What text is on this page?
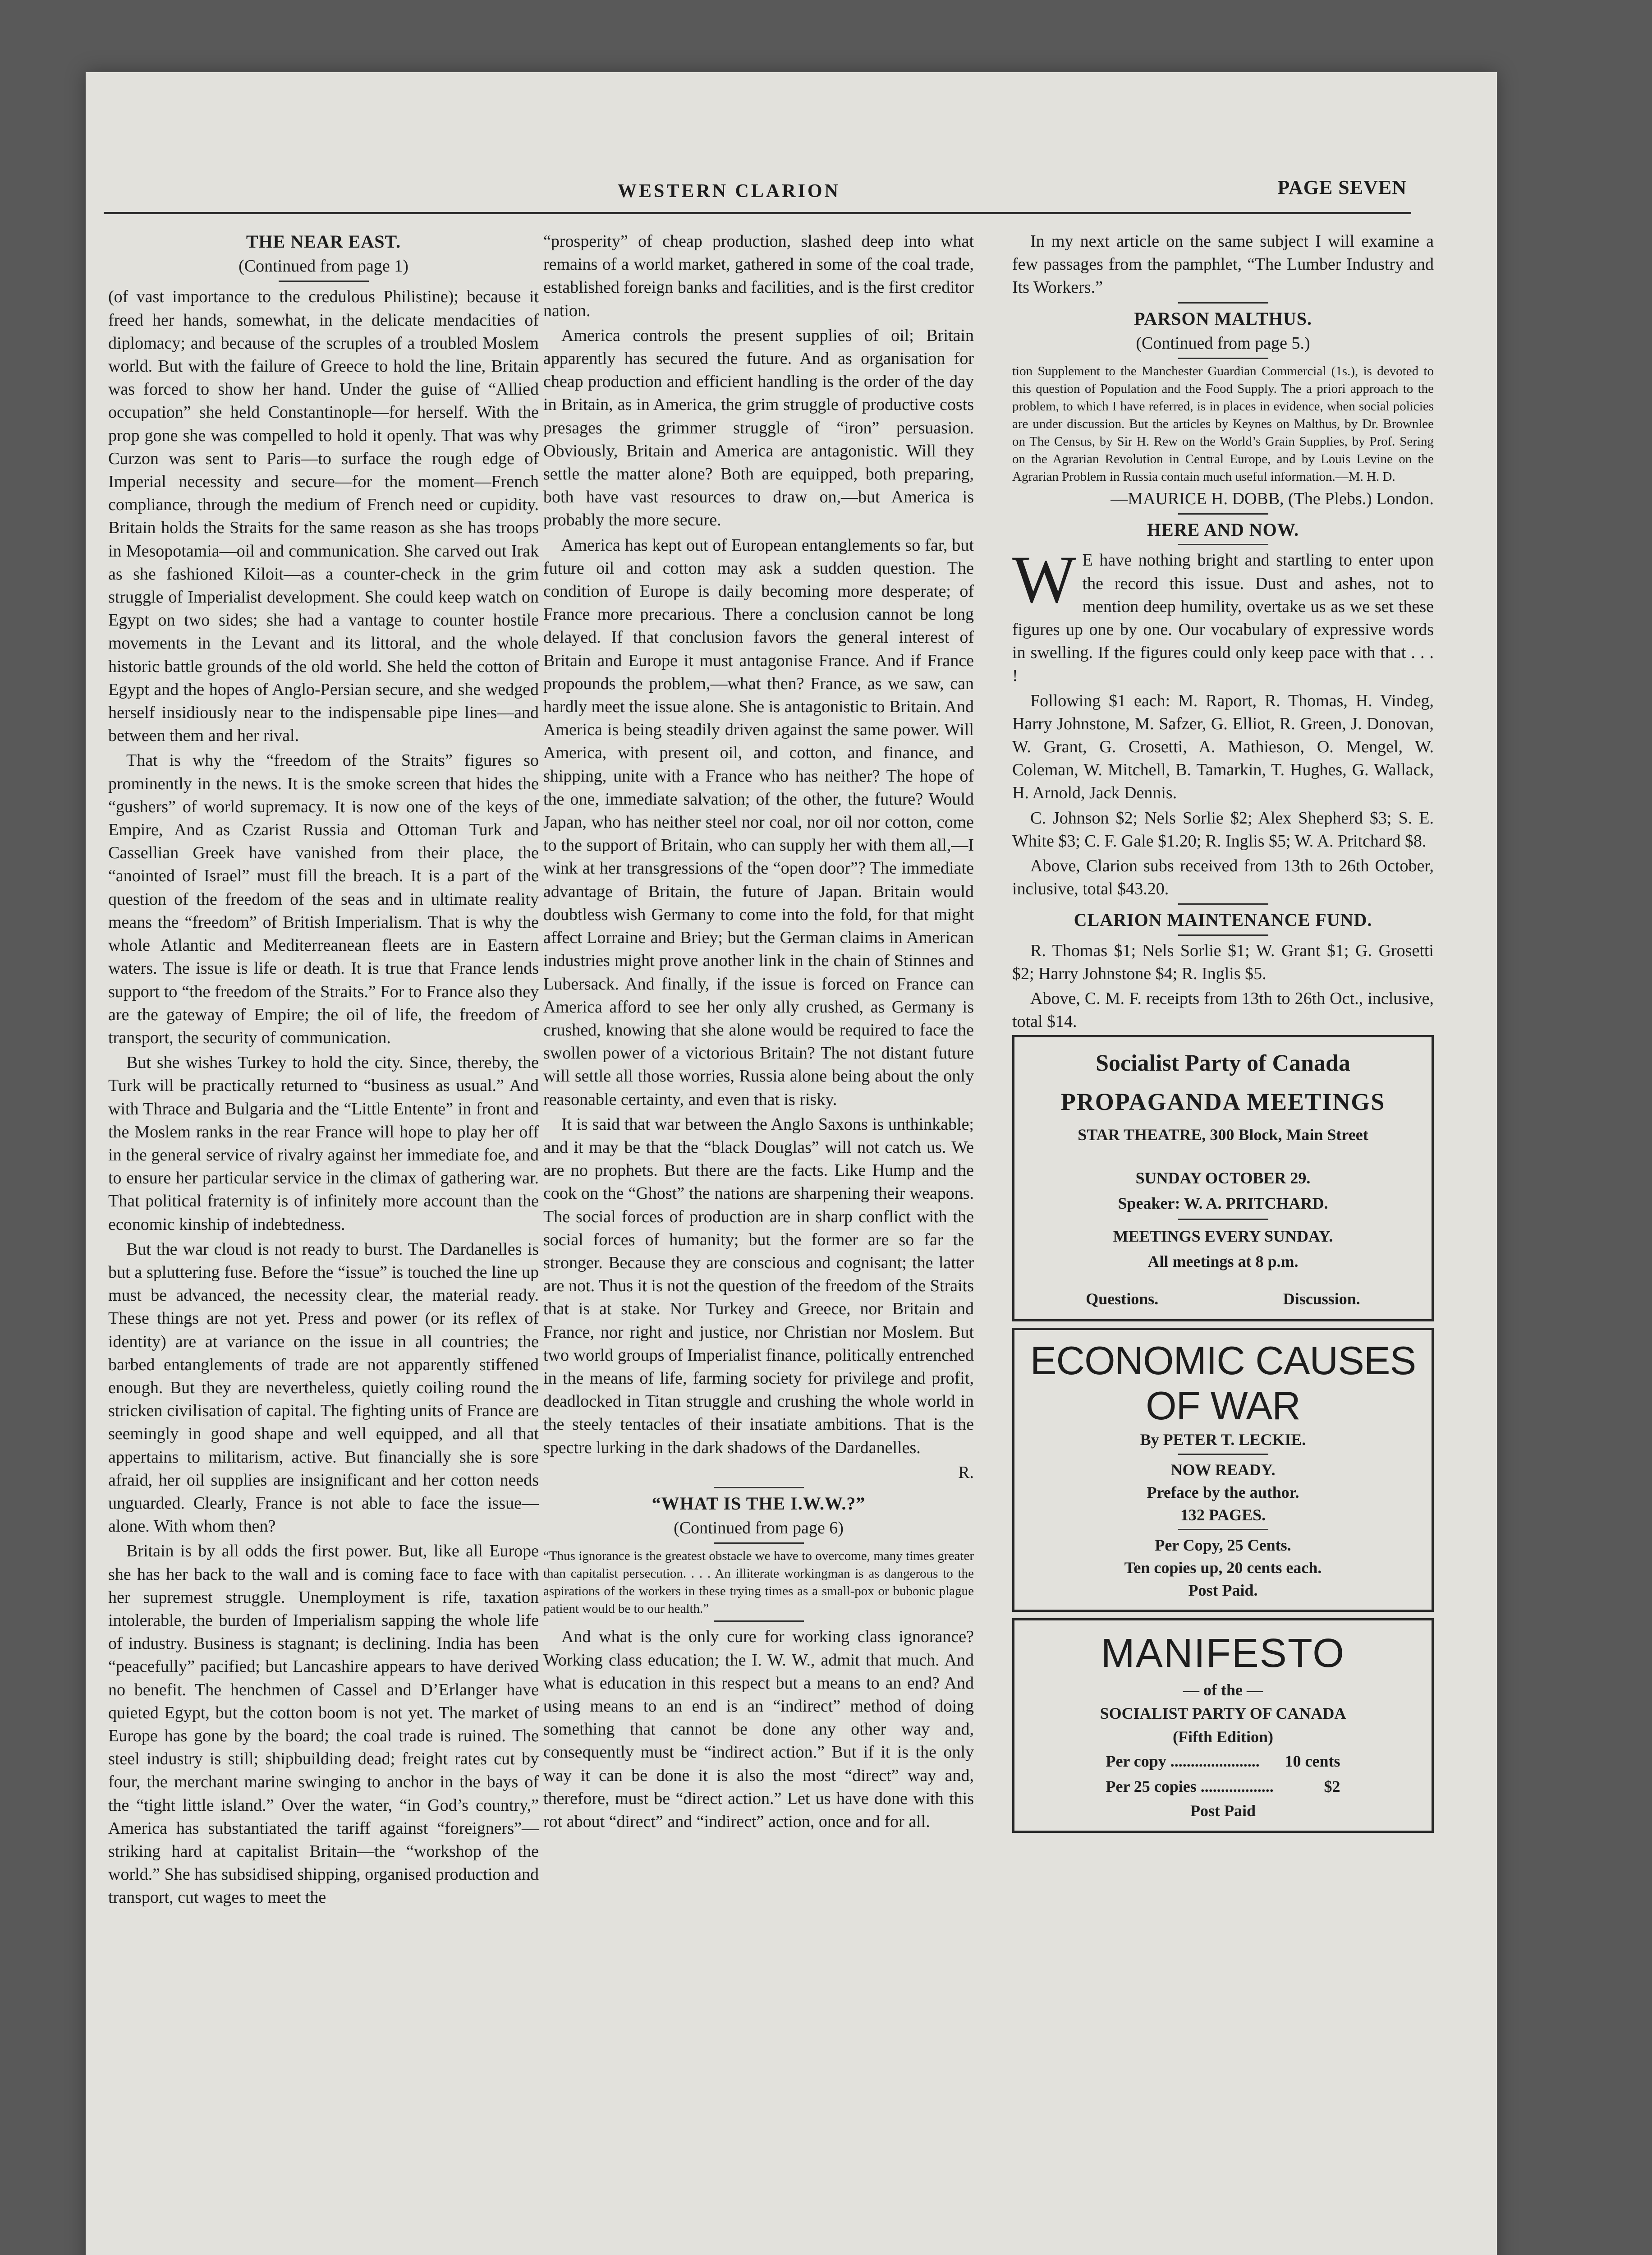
WESTERN CLARION	PAGE SEVEN

THE NEAR EAST.

(Continued from page 1)

(of vast importance to the credulous Philistine); because it freed her hands, somewhat, in the delicate mendacities of diplomacy; and because of the scruples of a troubled Moslem world. But with the failure of Greece to hold the line, Britain was forced to show her hand. Under the guise of “Allied occupation” she held Constantinople—for herself. With the prop gone she was compelled to hold it openly. That was why Curzon was sent to Paris—to surface the rough edge of Imperial necessity and secure—for the moment—French compliance, through the medium of French need or cupidity. Britain holds the Straits for the same reason as she has troops in Mesopotamia—oil and communication. She carved out Irak as she fashioned Kiloit—as a counter-check in the grim struggle of Imperialist development. She could keep watch on Egypt on two sides; she had a vantage to counter hostile movements in the Levant and its littoral, and the whole historic battle grounds of the old world. She held the cotton of Egypt and the hopes of Anglo-Persian secure, and she wedged herself insidiously near to the indispensable pipe lines—and between them and her rival.

That is why the “freedom of the Straits” figures so prominently in the news. It is the smoke screen that hides the “gushers” of world supremacy. It is now one of the keys of Empire, And as Czarist Russia and Ottoman Turk and Cassellian Greek have vanished from their place, the “anointed of Israel” must fill the breach. It is a part of the question of the freedom of the seas and in ultimate reality means the “freedom” of British Imperialism. That is why the whole Atlantic and Mediterreanean fleets are in Eastern waters. The issue is life or death. It is true that France lends support to “the freedom of the Straits.” For to France also they are the gateway of Empire; the oil of life, the freedom of transport, the security of communication.

But she wishes Turkey to hold the city. Since, thereby, the Turk will be practically returned to “business as usual.” And with Thrace and Bulgaria and the “Little Entente” in front and the Moslem ranks in the rear France will hope to play her off in the general service of rivalry against her immediate foe, and to ensure her particular service in the climax of gathering war. That political fraternity is of infinitely more account than the economic kinship of indebtedness.

But the war cloud is not ready to burst. The Dardanelles is but a spluttering fuse. Before the “issue” is touched the line up must be advanced, the necessity clear, the material ready. These things are not yet. Press and power (or its reflex of identity) are at variance on the issue in all countries; the barbed entanglements of trade are not apparently stiffened enough. But they are nevertheless, quietly coiling round the stricken civilisation of capital. The fighting units of France are seemingly in good shape and well equipped, and all that appertains to militarism, active. But financially she is sore afraid, her oil supplies are insignificant and her cotton needs unguarded. Clearly, France is not able to face the issue—alone. With whom then?

Britain is by all odds the first power. But, like all Europe she has her back to the wall and is coming face to face with her supremest struggle. Unemployment is rife, taxation intolerable, the burden of Imperialism sapping the whole life of industry. Business is stagnant; is declining. India has been “peacefully” pacified; but Lancashire appears to have derived no benefit. The henchmen of Cassel and D’Erlanger have quieted Egypt, but the cotton boom is not yet. The market of Europe has gone by the board; the coal trade is ruined. The steel industry is still; shipbuilding dead; freight rates cut by four, the merchant marine swinging to anchor in the bays of the “tight little island.” Over the water, “in God’s country,” America has substantiated the tariff against “foreigners”—striking hard at capitalist Britain—the “workshop of the world.” She has subsidised shipping, organised production and transport, cut wages to meet the

“prosperity” of cheap production, slashed deep into what remains of a world market, gathered in some of the coal trade, established foreign banks and facilities, and is the first creditor nation.

America controls the present supplies of oil; Britain apparently has secured the future. And as organisation for cheap production and efficient handling is the order of the day in Britain, as in America, the grim struggle of productive costs presages the grimmer struggle of “iron” persuasion. Obviously, Britain and America are antagonistic. Will they settle the matter alone? Both are equipped, both preparing, both have vast resources to draw on,—but America is probably the more secure.

America has kept out of European entanglements so far, but future oil and cotton may ask a sudden question. The condition of Europe is daily becoming more desperate; of France more precarious. There a conclusion cannot be long delayed. If that conclusion favors the general interest of Britain and Europe it must antagonise France. And if France propounds the problem,—what then? France, as we saw, can hardly meet the issue alone. She is antagonistic to Britain. And America is being steadily driven against the same power. Will America, with present oil, and cotton, and finance, and shipping, unite with a France who has neither? The hope of the one, immediate salvation; of the other, the future? Would Japan, who has neither steel nor coal, nor oil nor cotton, come to the support of Britain, who can supply her with them all,—I wink at her transgressions of the “open door”? The immediate advantage of Britain, the future of Japan. Britain would doubtless wish Germany to come into the fold, for that might affect Lorraine and Briey; but the German claims in American industries might prove another link in the chain of Stinnes and Lubersack. And finally, if the issue is forced on France can America afford to see her only ally crushed, as Germany is crushed, knowing that she alone would be required to face the swollen power of a victorious Britain? The not distant future will settle all those worries, Russia alone being about the only reasonable certainty, and even that is risky.

It is said that war between the Anglo Saxons is unthinkable; and it may be that the “black Douglas” will not catch us. We are no prophets. But there are the facts. Like Hump and the cook on the “Ghost” the nations are sharpening their weapons. The social forces of production are in sharp conflict with the social forces of humanity; but the former are so far the stronger. Because they are conscious and cognisant; the latter are not. Thus it is not the question of the freedom of the Straits that is at stake. Nor Turkey and Greece, nor Britain and France, nor right and justice, nor Christian nor Moslem. But two world groups of Imperialist finance, politically entrenched in the means of life, farming society for privilege and profit, deadlocked in Titan struggle and crushing the whole world in the steely tentacles of their insatiate ambitions. That is the spectre lurking in the dark shadows of the Dardanelles.

R.

“WHAT IS THE I.W.W.?”

(Continued from page 6)

“Thus ignorance is the greatest obstacle we have to overcome, many times greater than capitalist persecution. . . . An illiterate workingman is as dangerous to the aspirations of the workers in these trying times as a small-pox or bubonic plague patient would be to our health.”

And what is the only cure for working class ignorance? Working class education; the I. W. W., admit that much. And what is education in this respect but a means to an end? And using means to an end is an “indirect” method of doing something that cannot be done any other way and, consequently must be “indirect action.” But if it is the only way it can be done it is also the most “direct” way and, therefore, must be “direct action.” Let us have done with this rot about “direct” and “indirect” action, once and for all.

In my next article on the same subject I will examine a few passages from the pamphlet, “The Lumber Industry and Its Workers.”

PARSON MALTHUS.

(Continued from page 5.)

tion Supplement to the Manchester Guardian Commercial (1s.), is devoted to this question of Population and the Food Supply. The a priori approach to the problem, to which I have referred, is in places in evidence, when social policies are under discussion. But the articles by Keynes on Malthus, by Dr. Brownlee on The Census, by Sir H. Rew on the World’s Grain Supplies, by Prof. Sering on the Agrarian Revolution in Central Europe, and by Louis Levine on the Agrarian Problem in Russia contain much useful information.—M. H. D.

—MAURICE H. DOBB, (The Plebs.) London.

HERE AND NOW.

W E have nothing bright and startling to enter upon the record this issue. Dust and ashes, not to mention deep humility, overtake us as we set these figures up one by one. Our vocabulary of expressive words in swelling. If the figures could only keep pace with that . . . !

Following $1 each: M. Raport, R. Thomas, H. Vindeg, Harry Johnstone, M. Safzer, G. Elliot, R. Green, J. Donovan, W. Grant, G. Crosetti, A. Mathieson, O. Mengel, W. Coleman, W. Mitchell, B. Tamarkin, T. Hughes, G. Wallack, H. Arnold, Jack Dennis.

C. Johnson $2; Nels Sorlie $2; Alex Shepherd $3; S. E. White $3; C. F. Gale $1.20; R. Inglis $5; W. A. Pritchard $8.

Above, Clarion subs received from 13th to 26th October, inclusive, total $43.20.

CLARION MAINTENANCE FUND.

R. Thomas $1; Nels Sorlie $1; W. Grant $1; G. Grosetti $2; Harry Johnstone $4; R. Inglis $5.

Above, C. M. F. receipts from 13th to 26th Oct., inclusive, total $14.

Socialist Party of Canada

PROPAGANDA MEETINGS

STAR THEATRE, 300 Block, Main Street

SUNDAY OCTOBER 29.

Speaker: W. A. PRITCHARD.

MEETINGS EVERY SUNDAY.

All meetings at 8 p.m.

Questions.	Discussion.

ECONOMIC CAUSES

OF WAR

By PETER T. LECKIE.

NOW READY.

Preface by the author.

132 PAGES.

Per Copy, 25 Cents.

Ten copies up, 20 cents each.

Post Paid.

MANIFESTO

— of the —

SOCIALIST PARTY OF CANADA

(Fifth Edition)

Per copy ...................... 10 cents
Per 25 copies ..................	$2

Post Paid
